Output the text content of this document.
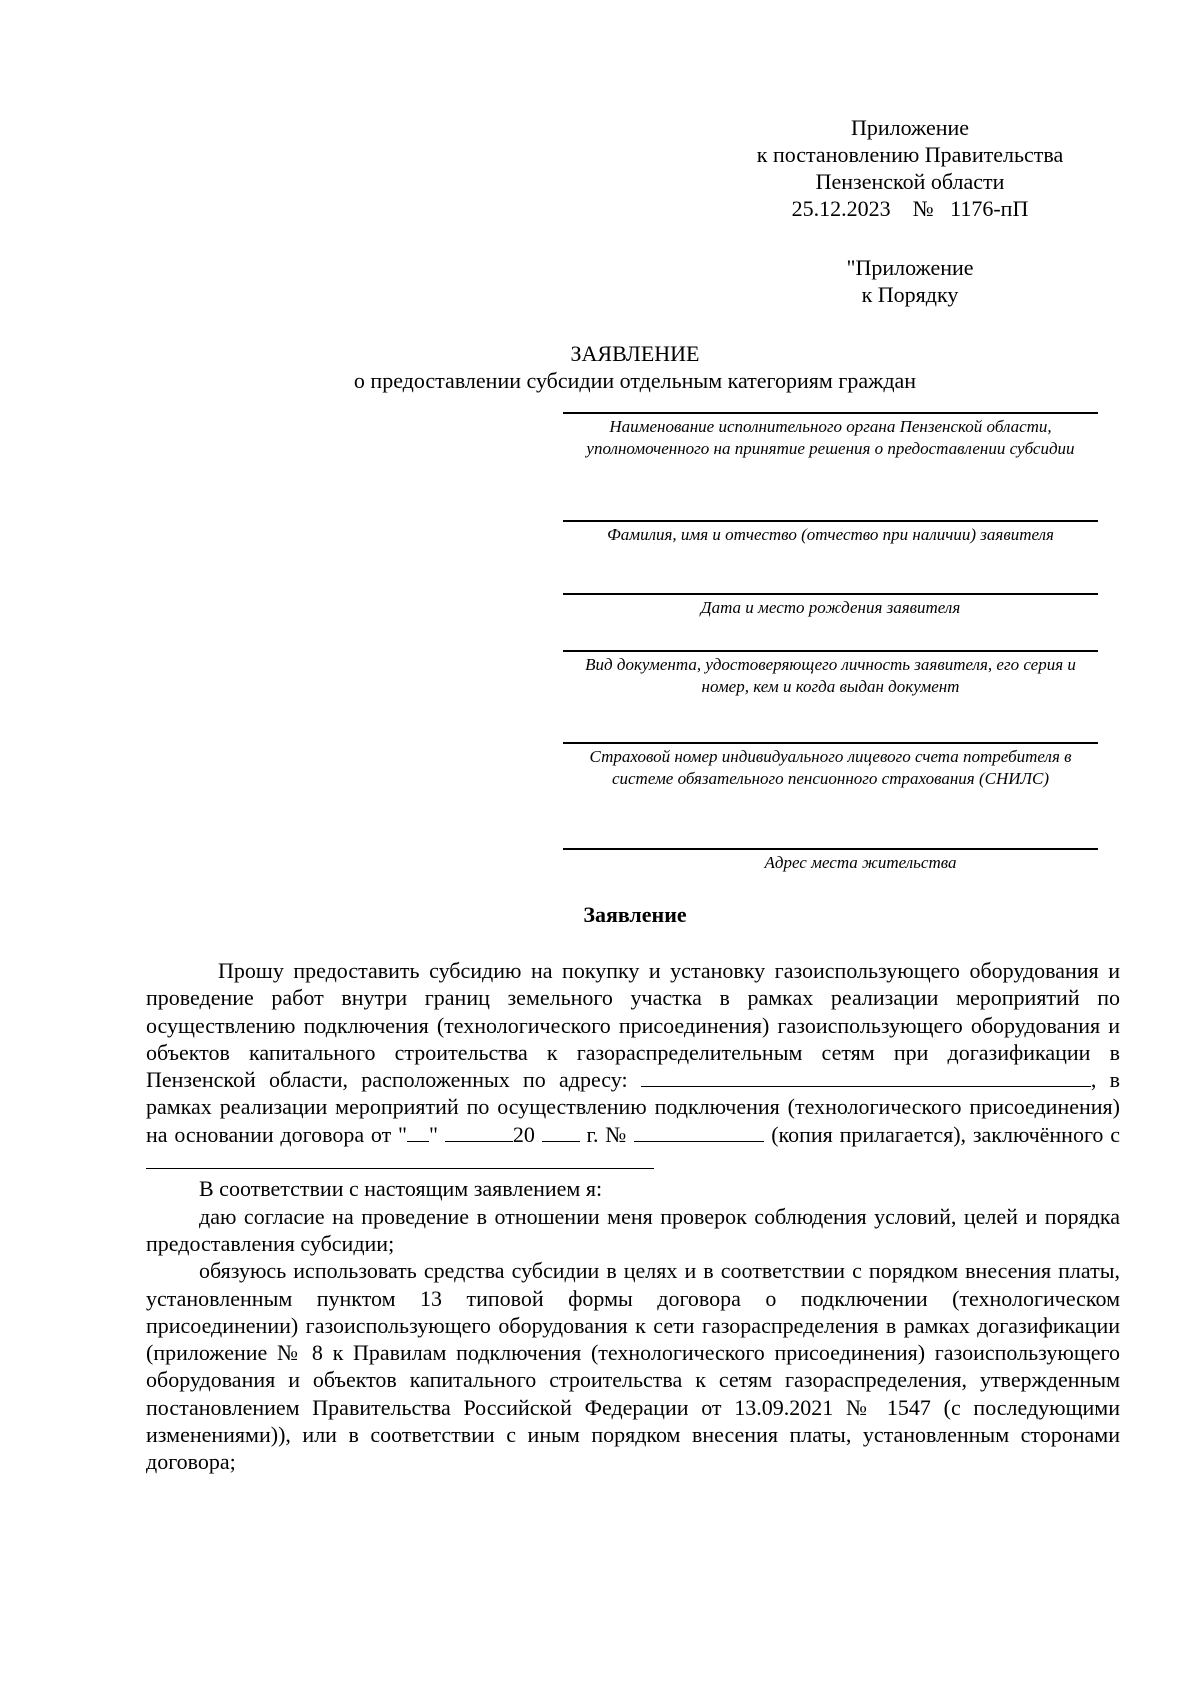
Приложение
к постановлению Правительства
Пензенской области
25.12.2023 № 1176-пП
"Приложение
к Порядку
ЗАЯВЛЕНИЕ
о предоставлении субсидии отдельным категориям граждан
Наименование исполнительного органа Пензенской области, уполномоченного на принятие решения о предоставлении субсидии
Фамилия, имя и отчество (отчество при наличии) заявителя
Дата и место рождения заявителя
Вид документа, удостоверяющего личность заявителя, его серия и номер, кем и когда выдан документ
Страховой номер индивидуального лицевого счета потребителя в системе обязательного пенсионного страхования (СНИЛС)
Адрес места жительства
Заявление
Прошу предоставить субсидию на покупку и установку газоиспользующего оборудования и проведение работ внутри границ земельного участка в рамках реализации мероприятий по осуществлению подключения (технологического присоединения) газоиспользующего оборудования и объектов капитального строительства к газораспределительным сетям при догазификации в Пензенской области, расположенных по адресу:	, в рамках реализации мероприятий по осуществлению подключения (технологического присоединения) на основании договора от " "	20 г. №	(копия прилагается), заключённого с
В соответствии с настоящим заявлением я:
даю согласие на проведение в отношении меня проверок соблюдения условий, целей и порядка предоставления субсидии;
обязуюсь использовать средства субсидии в целях и в соответствии с порядком внесения платы, установленным пунктом 13 типовой формы договора о подключении (технологическом присоединении) газоиспользующего оборудования к сети газораспределения в рамках догазификации (приложение № 8 к Правилам подключения (технологического присоединения) газоиспользующего оборудования и объектов капитального строительства к сетям газораспределения, утвержденным постановлением Правительства Российской Федерации от 13.09.2021 № 1547 (с последующими изменениями)), или в соответствии с иным порядком внесения платы, установленным сторонами договора;
